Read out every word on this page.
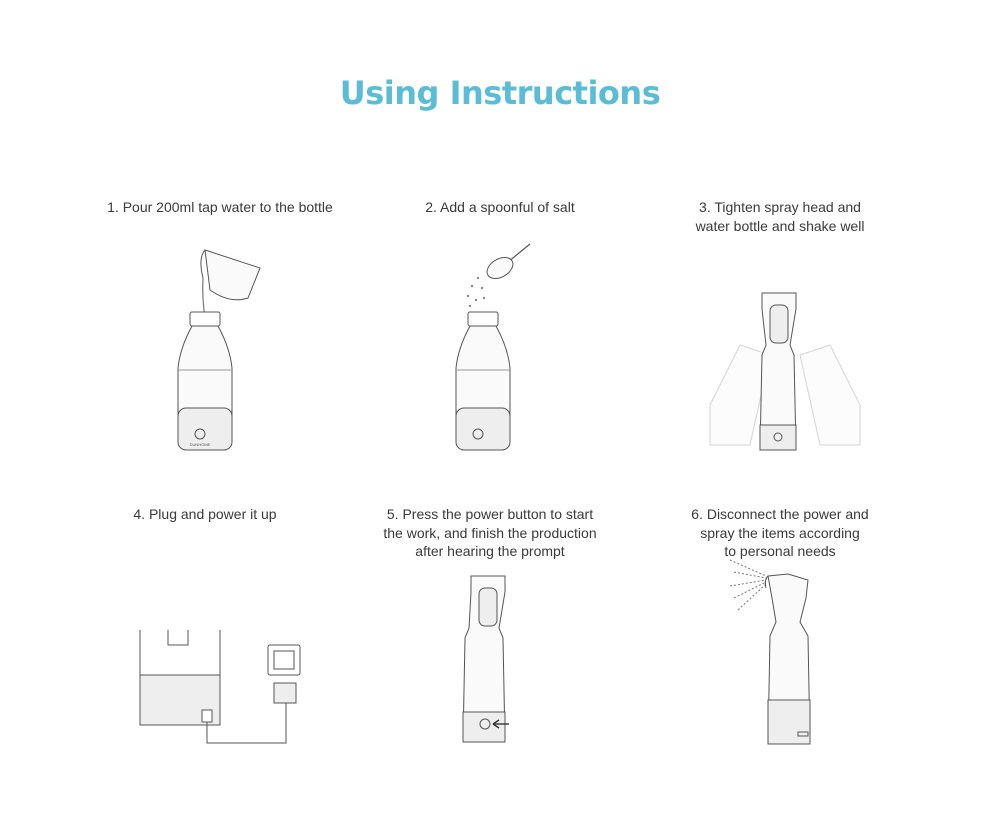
Using Instructions
1. Pour 200ml tap water to the bottle
DUNHOME
2. Add a spoonful of salt	3. Tighten spray head and
water bottle and shake well
4. Plug and power it up	5. Press the power button to start
the work, and finish the production
after hearing the prompt
6. Disconnect the power and
spray the items according
to personal needs
